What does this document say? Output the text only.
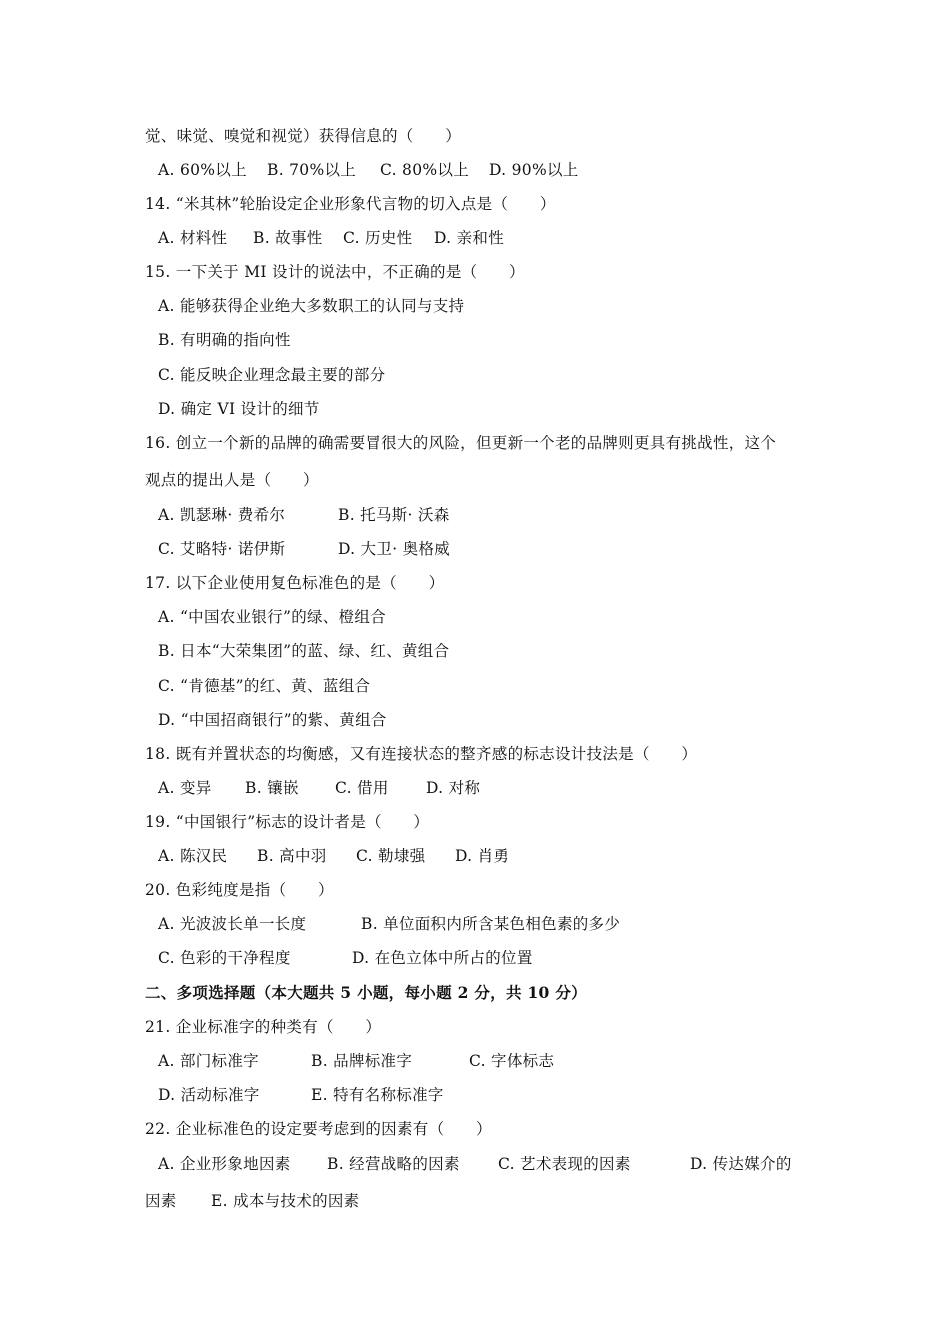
觉、味觉、嗅觉和视觉）获得信息的（　　）
A. 60%以上 B. 70%以上 C. 80%以上 D. 90%以上
14. “米其林”轮胎设定企业形象代言物的切入点是（　　）
A. 材料性 B. 故事性 C. 历史性 D. 亲和性
15. 一下关于 MI 设计的说法中，不正确的是（　　）
A. 能够获得企业绝大多数职工的认同与支持
B. 有明确的指向性
C. 能反映企业理念最主要的部分
D. 确定 VI 设计的细节
16. 创立一个新的品牌的确需要冒很大的风险，但更新一个老的品牌则更具有挑战性，这个
观点的提出人是（　　）
A. 凯瑟琳· 费希尔	B. 托马斯· 沃森
C. 艾略特· 诺伊斯	D. 大卫· 奥格威
17. 以下企业使用复色标准色的是（　　）
A. “中国农业银行”的绿、橙组合
B. 日本“大荣集团”的蓝、绿、红、黄组合
C. “肯德基”的红、黄、蓝组合
D. “中国招商银行”的紫、黄组合
18. 既有并置状态的均衡感，又有连接状态的整齐感的标志设计技法是（　　）
A. 变异 B. 镶嵌 C. 借用 D. 对称
19. “中国银行”标志的设计者是（　　）
A. 陈汉民 B. 高中羽 C. 勒埭强 D. 肖勇
20. 色彩纯度是指（　　）
A. 光波波长单一长度	B. 单位面积内所含某色相色素的多少
C. 色彩的干净程度	D. 在色立体中所占的位置
二、多项选择题（本大题共 5 小题，每小题 2 分，共 10 分）
21. 企业标准字的种类有（　　）
A. 部门标准字	B. 品牌标准字	C. 字体标志
D. 活动标准字	E. 特有名称标准字
22. 企业标准色的设定要考虑到的因素有（　　）
A. 企业形象地因素 B. 经营战略的因素 C. 艺术表现的因素	D. 传达媒介的
因素 E. 成本与技术的因素
